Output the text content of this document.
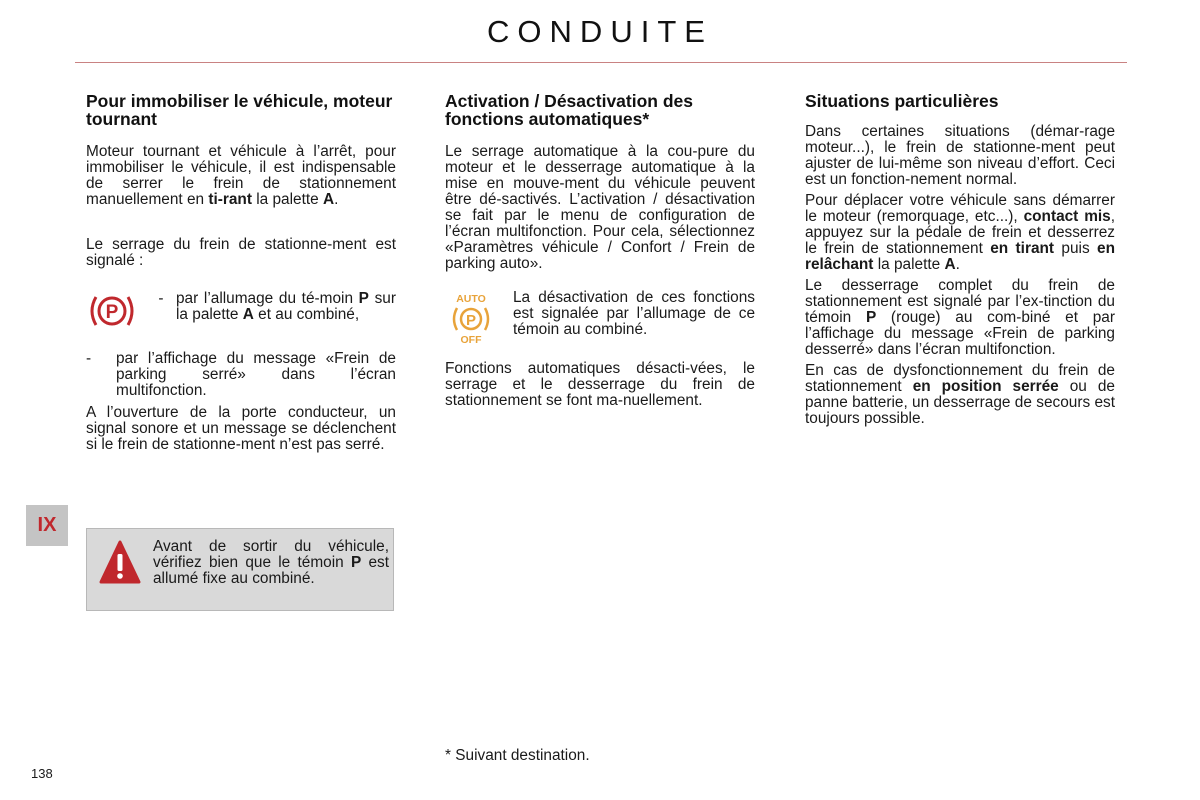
CONDUITE
Pour immobiliser le véhicule, moteur tournant

Moteur tournant et véhicule à l’arrêt, pour immobiliser le véhicule, il est indispensable de serrer le frein de stationnement manuellement en ti-rant la palette A.

Le serrage du frein de stationne-ment est signalé :

P
- par l’allumage du té-moin P sur la palette A et au combiné,

-	par l’affichage du message «Frein de parking serré» dans l’écran multifonction.

A l’ouverture de la porte conducteur, un signal sonore et un message se déclenchent si le frein de stationne-ment n’est pas serré.

Avant de sortir du véhicule, vérifiez bien que le témoin P est allumé fixe au combiné.
Activation / Désactivation des fonctions automatiques*

Le serrage automatique à la cou-pure du moteur et le desserrage automatique à la mise en mouve-ment du véhicule peuvent être dé-sactivés. L’activation / désactivation se fait par le menu de configuration de l’écran multifonction. Pour cela, sélectionnez «Paramètres véhicule / Confort / Frein de parking auto».

AUTO
P
OFF

La désactivation de ces fonctions est signalée par l’allumage de ce témoin au combiné.

Fonctions automatiques désacti-vées, le serrage et le desserrage du frein de stationnement se font ma-nuellement.

Situations particulières

Dans certaines situations (démar-rage moteur...), le frein de stationne-ment peut ajuster de lui-même son niveau d’effort. Ceci est un fonction-nement normal.

Pour déplacer votre véhicule sans démarrer le moteur (remorquage, etc...), contact mis, appuyez sur la pédale de frein et desserrez le frein de stationnement en tirant puis en relâchant la palette A.

Le desserrage complet du frein de stationnement est signalé par l’ex-tinction du témoin P (rouge) au com-biné et par l’affichage du message «Frein de parking desserré» dans l’écran multifonction.

En cas de dysfonctionnement du frein de stationnement en position serrée ou de panne batterie, un desserrage de secours est toujours possible.

IX
* Suivant destination.
138
